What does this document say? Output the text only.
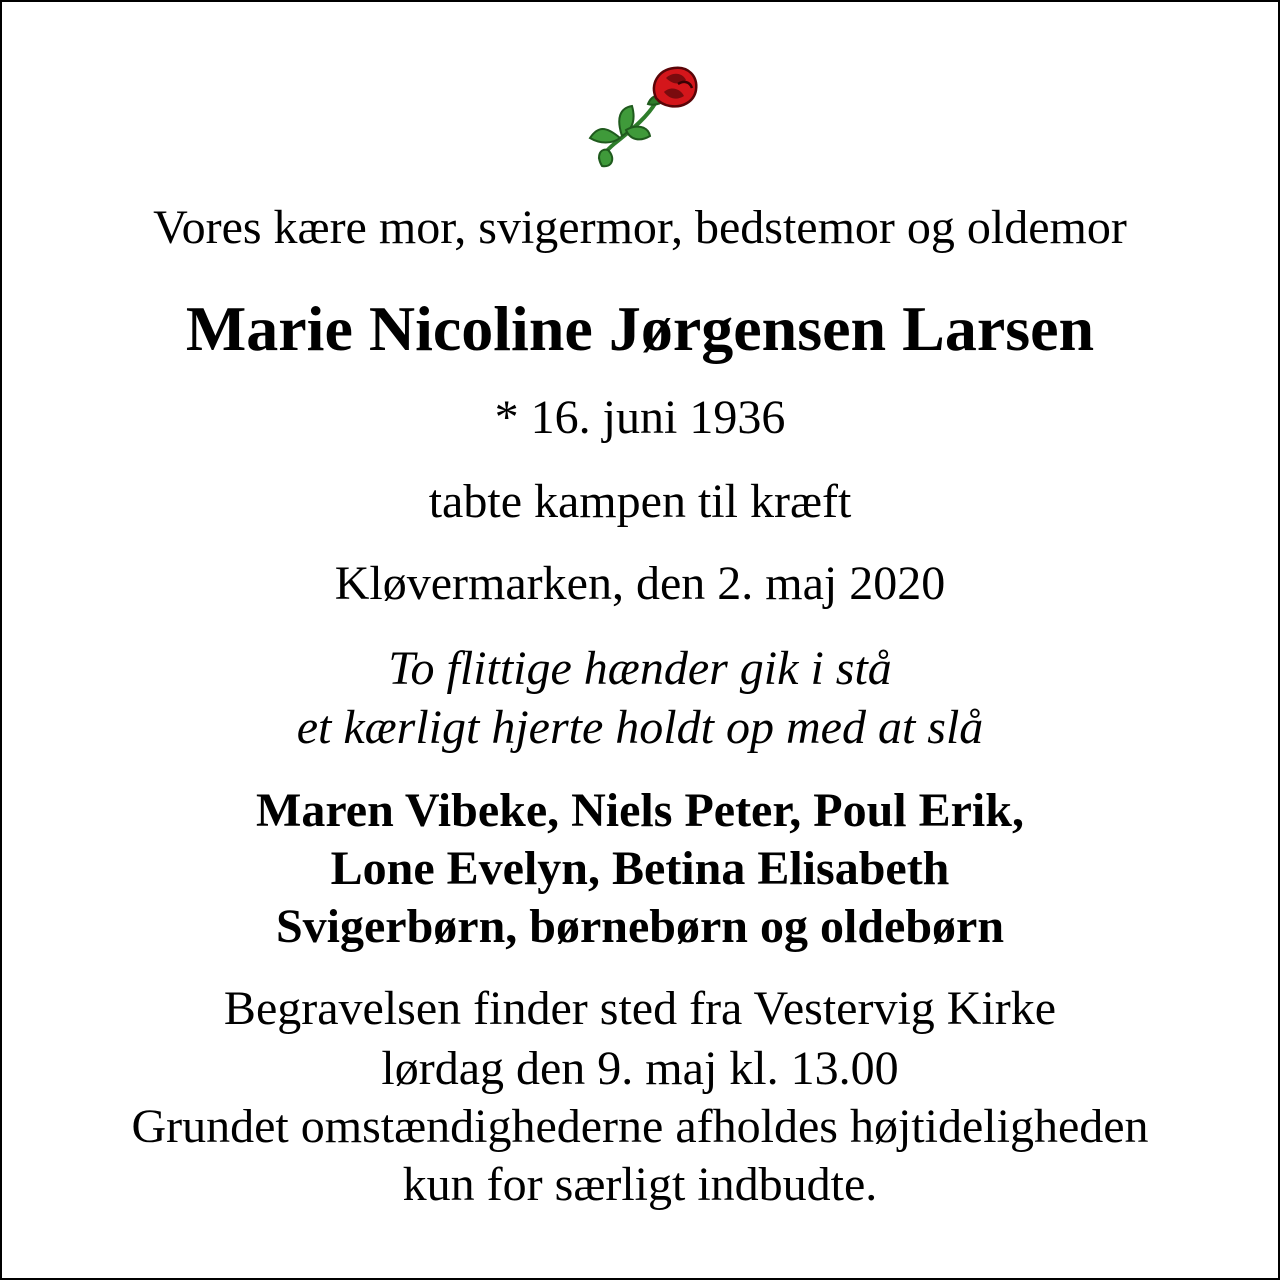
Vores kære mor, svigermor, bedstemor og oldemor
Marie Nicoline Jørgensen Larsen
* 16. juni 1936
tabte kampen til kræft
Kløvermarken, den 2. maj 2020
To flittige hænder gik i stå
et kærligt hjerte holdt op med at slå
Maren Vibeke, Niels Peter, Poul Erik,
Lone Evelyn, Betina Elisabeth
Svigerbørn, børnebørn og oldebørn
Begravelsen finder sted fra Vestervig Kirke
lørdag den 9. maj kl. 13.00
Grundet omstændighederne afholdes højtideligheden
kun for særligt indbudte.
